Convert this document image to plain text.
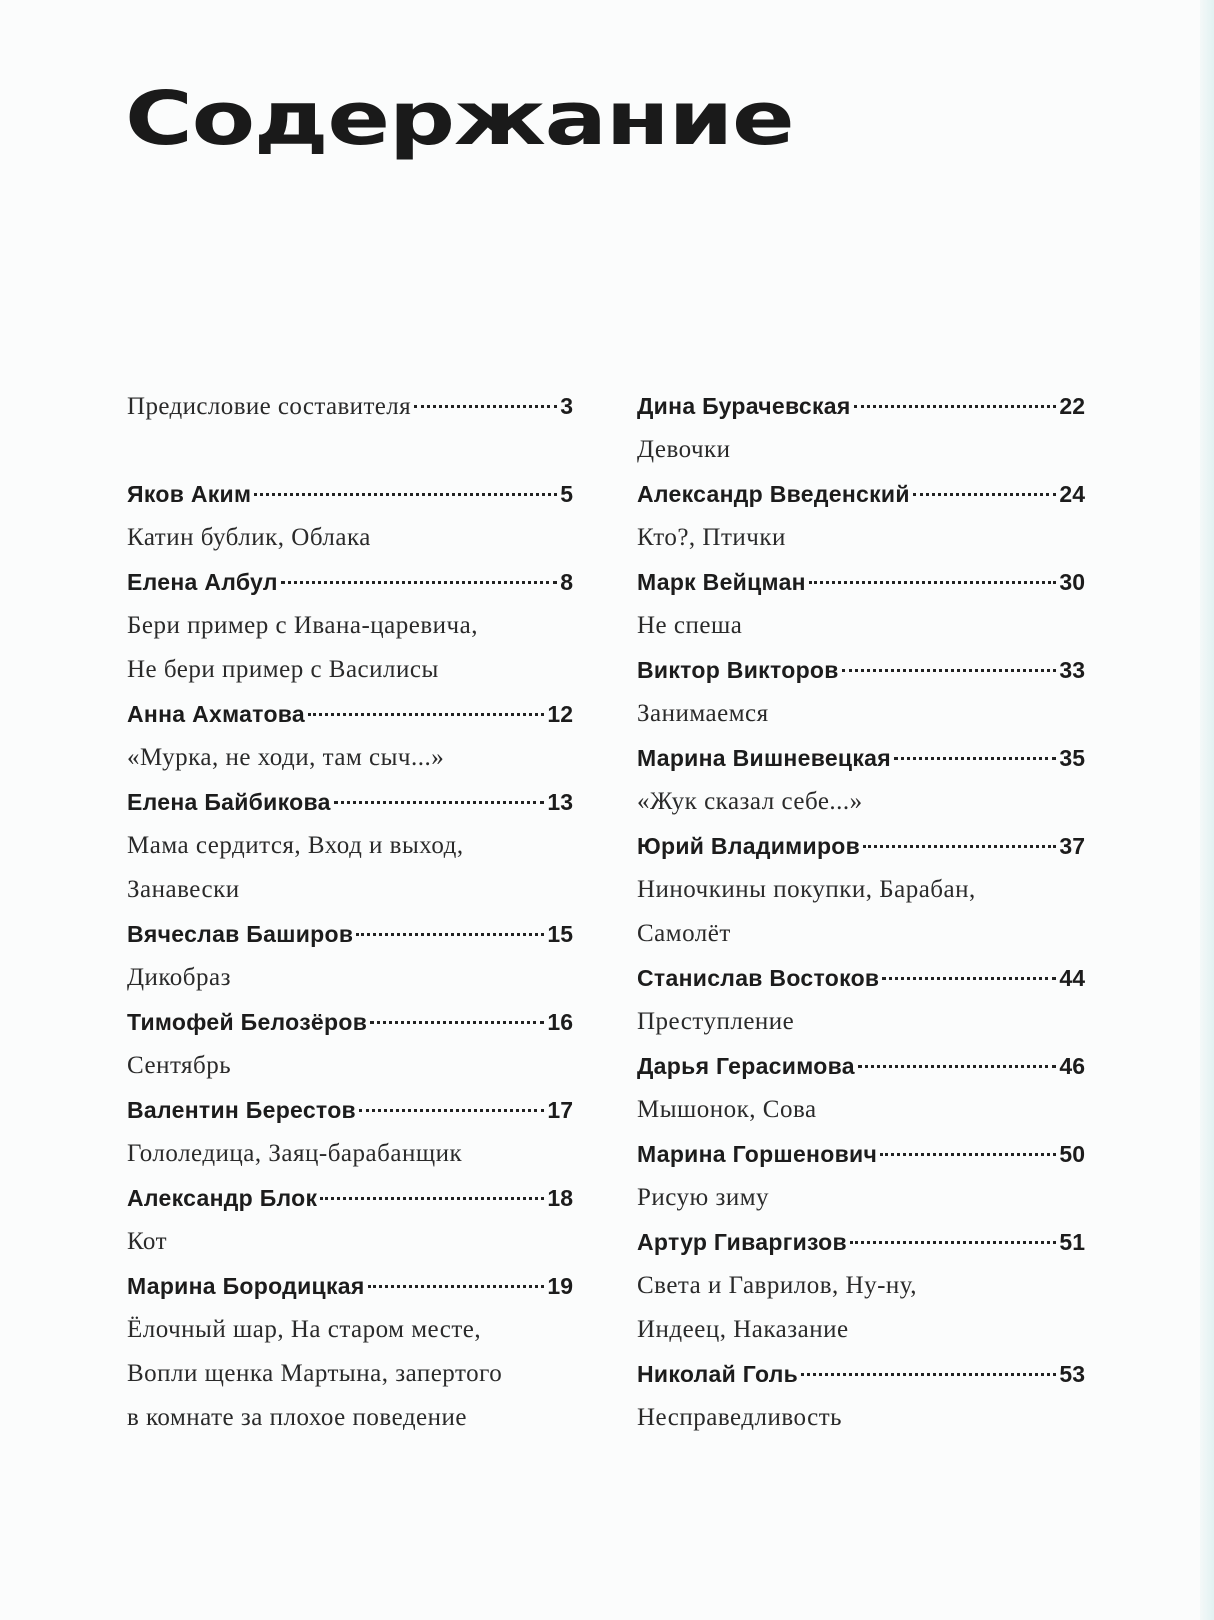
Содержание
Предисловие составителя	3
Яков Аким	5
Катин бублик, Облака
Елена Албул	8
Бери пример с Ивана-царевича,
Не бери пример с Василисы
Анна Ахматова	12
«Мурка, не ходи, там сыч...»
Елена Байбикова	13
Мама сердится, Вход и выход,
Занавески
Вячеслав Баширов	15
Дикобраз
Тимофей Белозёров	16
Сентябрь
Валентин Берестов	17
Гололедица, Заяц-барабанщик
Александр Блок	18
Кот
Марина Бородицкая	19
Ёлочный шар, На старом месте,
Вопли щенка Мартына, запертого
в комнате за плохое поведение
Дина Бурачевская	22
Девочки
Александр Введенский	24
Кто?, Птички
Марк Вейцман	30
Не спеша
Виктор Викторов	33
Занимаемся
Марина Вишневецкая	35
«Жук сказал себе...»
Юрий Владимиров	37
Ниночкины покупки, Барабан,
Самолёт
Станислав Востоков	44
Преступление
Дарья Герасимова	46
Мышонок, Сова
Марина Горшенович	50
Рисую зиму
Артур Гиваргизов	51
Света и Гаврилов, Ну-ну,
Индеец, Наказание
Николай Голь	53
Несправедливость
